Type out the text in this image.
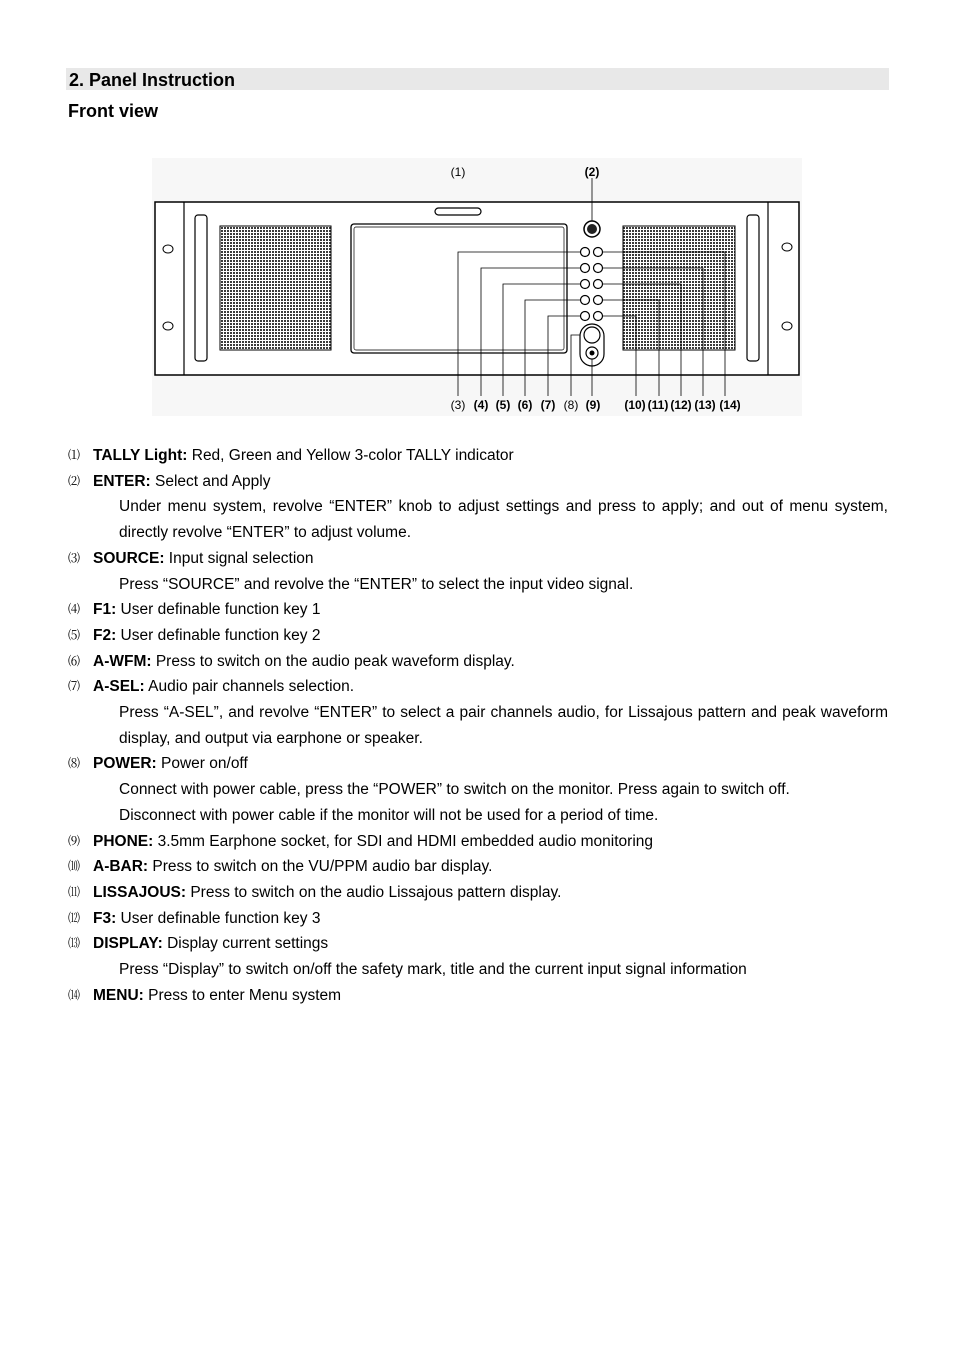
2. Panel Instruction
Front view
(1)	(2)
(3) (4) (5) (6) (7) (8) (9) (10) (11) (12) (13) (14)
⑴ TALLY Light: Red, Green and Yellow 3-color TALLY indicator
⑵ ENTER: Select and Apply
Under menu system, revolve “ENTER” knob to adjust settings and press to apply; and out of menu system, directly revolve “ENTER” to adjust volume.
⑶ SOURCE: Input signal selection
Press “SOURCE” and revolve the “ENTER” to select the input video signal.
⑷ F1: User definable function key 1
⑸ F2: User definable function key 2
⑹ A-WFM: Press to switch on the audio peak waveform display.
⑺ A-SEL: Audio pair channels selection.
Press “A-SEL”, and revolve “ENTER” to select a pair channels audio, for Lissajous pattern and peak waveform display, and output via earphone or speaker.
⑻ POWER: Power on/off
Connect with power cable, press the “POWER” to switch on the monitor. Press again to switch off.
Disconnect with power cable if the monitor will not be used for a period of time.
⑼ PHONE: 3.5mm Earphone socket, for SDI and HDMI embedded audio monitoring
⑽ A-BAR: Press to switch on the VU/PPM audio bar display.
⑾ LISSAJOUS: Press to switch on the audio Lissajous pattern display.
⑿ F3: User definable function key 3
⒀ DISPLAY: Display current settings
Press “Display” to switch on/off the safety mark, title and the current input signal information
⒁ MENU: Press to enter Menu system
